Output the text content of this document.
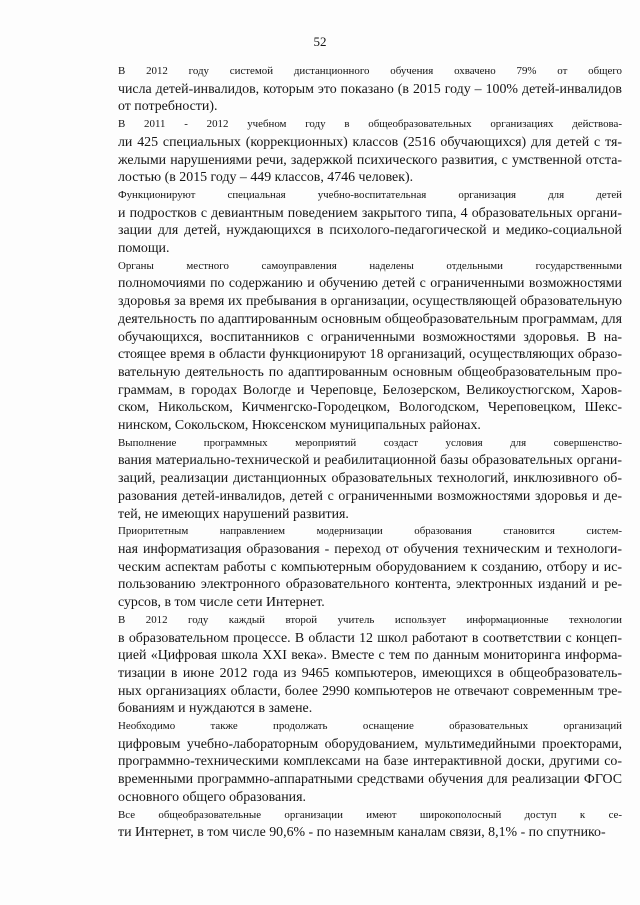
52

В 2012 году системой дистанционного обучения охвачено 79% от общего
числа детей-инвалидов, которым это показано (в 2015 году – 100% детей-инвалидов
от потребности).

В 2011 - 2012 учебном году в общеобразовательных организациях действова-
ли 425 специальных (коррекционных) классов (2516 обучающихся) для детей с тя-
желыми нарушениями речи, задержкой психического развития, с умственной отста-
лостью (в 2015 году – 449 классов, 4746 человек).

Функционируют специальная учебно-воспитательная организация для детей
и подростков с девиантным поведением закрытого типа, 4 образовательных органи-
зации для детей, нуждающихся в психолого-педагогической и медико-социальной
помощи.

Органы местного самоуправления наделены отдельными государственными
полномочиями по содержанию и обучению детей с ограниченными возможностями
здоровья за время их пребывания в организации, осуществляющей образовательную
деятельность по адаптированным основным общеобразовательным программам, для
обучающихся, воспитанников с ограниченными возможностями здоровья. В на-
стоящее время в области функционируют 18 организаций, осуществляющих образо-
вательную деятельность по адаптированным основным общеобразовательным про-
граммам, в городах Вологде и Череповце, Белозерском, Великоустюгском, Харов-
ском, Никольском, Кичменгско-Городецком, Вологодском, Череповецком, Шекс-
нинском, Сокольском, Нюксенском муниципальных районах.

Выполнение программных мероприятий создаст условия для совершенство-
вания материально-технической и реабилитационной базы образовательных органи-
заций, реализации дистанционных образовательных технологий, инклюзивного об-
разования детей-инвалидов, детей с ограниченными возможностями здоровья и де-
тей, не имеющих нарушений развития.

Приоритетным направлением модернизации образования становится систем-
ная информатизация образования - переход от обучения техническим и технологи-
ческим аспектам работы с компьютерным оборудованием к созданию, отбору и ис-
пользованию электронного образовательного контента, электронных изданий и ре-
сурсов, в том числе сети Интернет.

В 2012 году каждый второй учитель использует информационные технологии
в образовательном процессе. В области 12 школ работают в соответствии с концеп-
цией «Цифровая школа XXI века». Вместе с тем по данным мониторинга информа-
тизации в июне 2012 года из 9465 компьютеров, имеющихся в общеобразователь-
ных организациях области, более 2990 компьютеров не отвечают современным тре-
бованиям и нуждаются в замене.

Необходимо также продолжать оснащение образовательных организаций
цифровым учебно-лабораторным оборудованием, мультимедийными проекторами,
программно-техническими комплексами на базе интерактивной доски, другими со-
временными программно-аппаратными средствами обучения для реализации ФГОС
основного общего образования.

Все общеобразовательные организации имеют широкополосный доступ к се-
ти Интернет, в том числе 90,6% - по наземным каналам связи, 8,1% - по спутнико-
